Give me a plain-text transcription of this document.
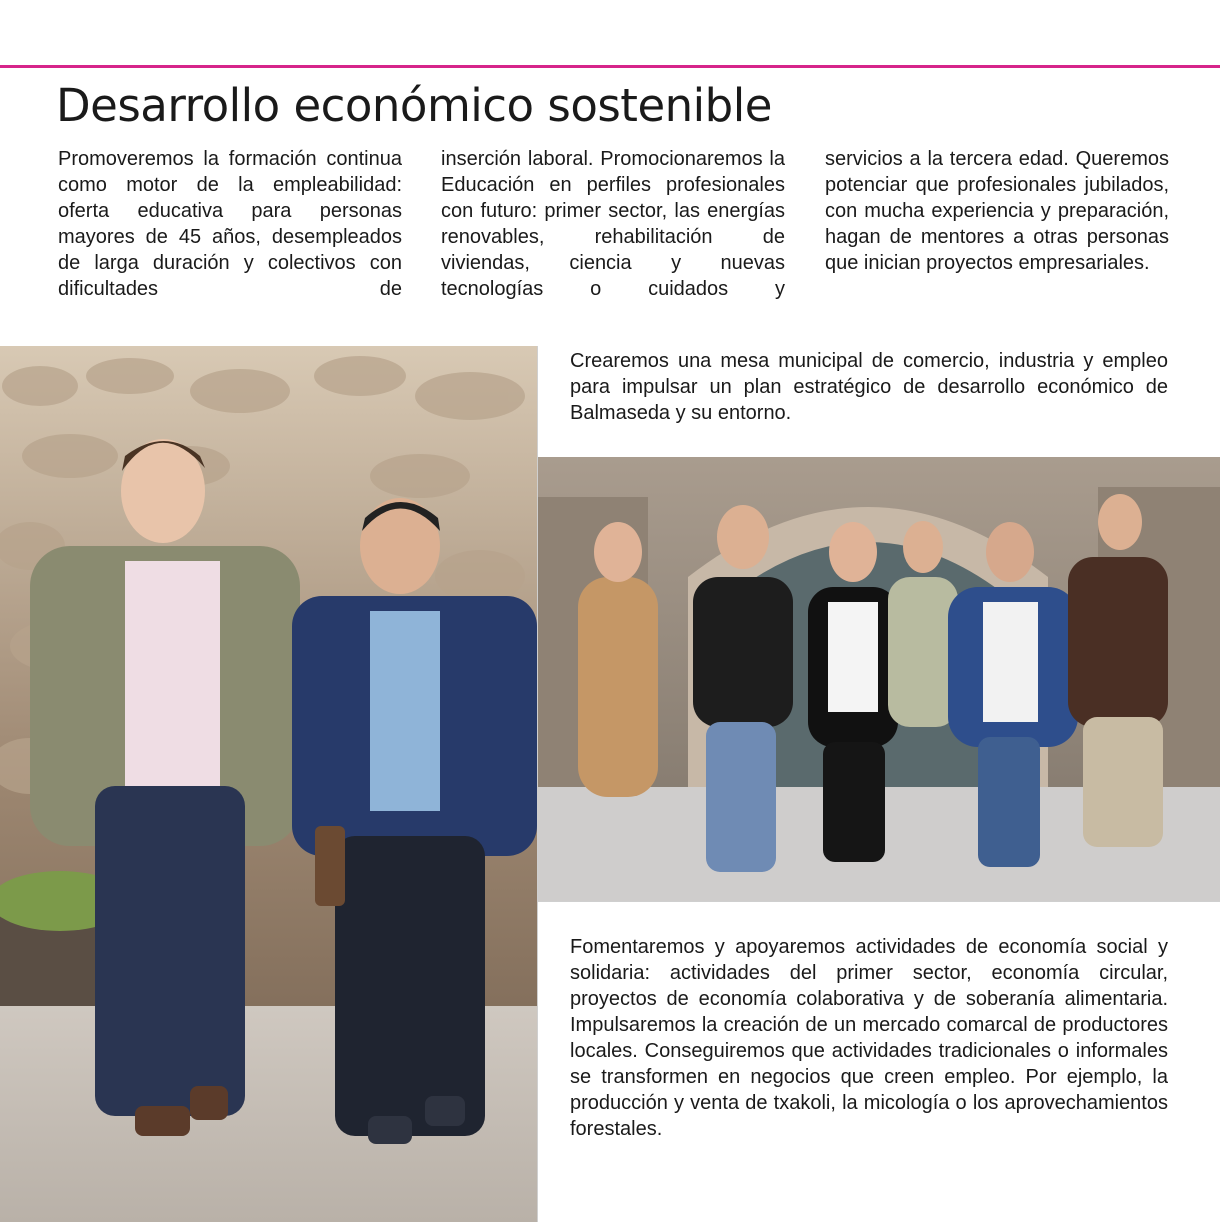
Desarrollo económico sostenible

Promoveremos la formación continua como motor de la empleabilidad: oferta educativa para personas mayores de 45 años, desempleados de larga duración y colectivos con dificultades de

inserción laboral. Promocionaremos la Educación en perfiles profesionales con futuro: primer sector, las energías renovables, rehabilitación de viviendas, ciencia y nuevas tecnologías o cuidados y

servicios a la tercera edad. Queremos potenciar que profesionales jubilados, con mucha experiencia y preparación, hagan de mentores a otras personas que inician proyectos empresariales.

Crearemos una mesa municipal de comercio, industria y empleo para impulsar un plan estratégico de desarrollo económico de Balmaseda y su entorno.

Fomentaremos y apoyaremos actividades de economía social y solidaria: actividades del primer sector, economía circular, proyectos de economía colaborativa y de soberanía alimentaria. Impulsaremos la creación de un mercado comarcal de productores locales. Conseguiremos que actividades tradicionales o informales se transformen en negocios que creen empleo. Por ejemplo, la producción y venta de txakoli, la micología o los aprovechamientos forestales.
